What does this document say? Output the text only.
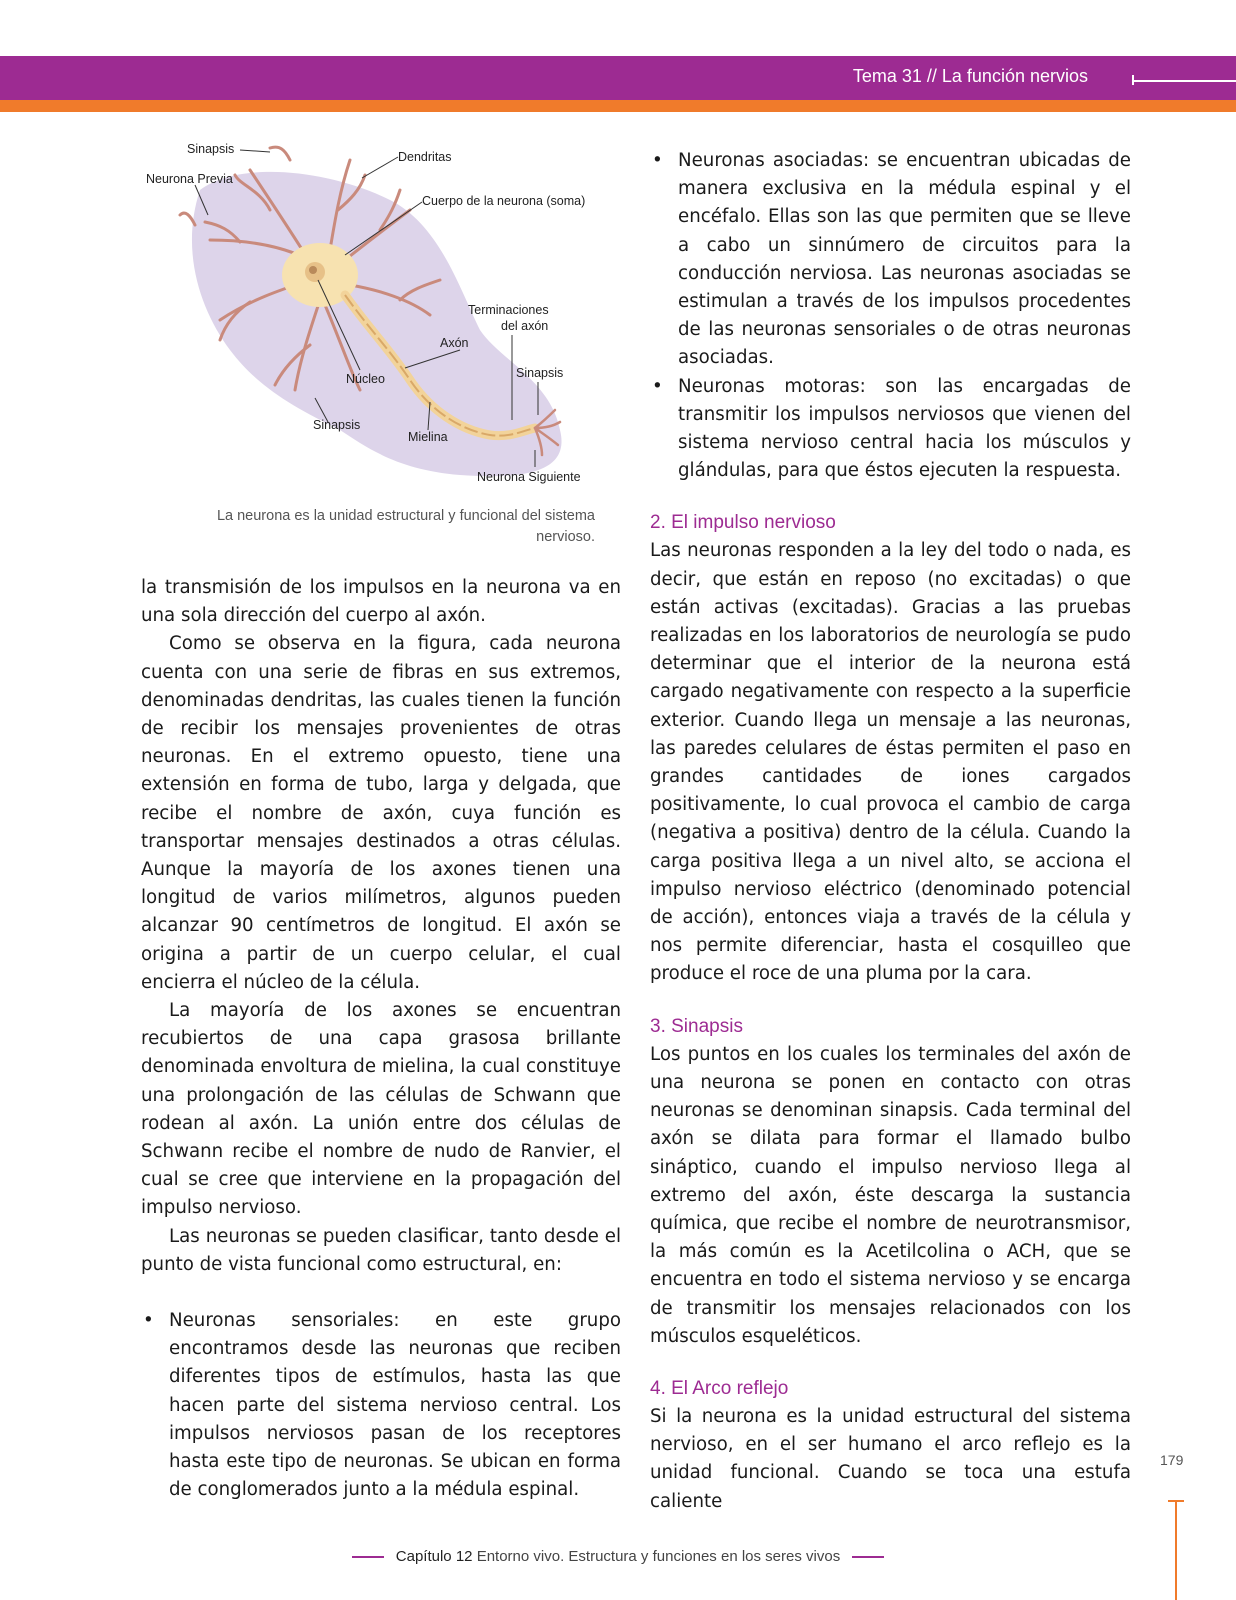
Tema 31 // La función nervios
Sinapsis
Neurona Previa
Dendritas
Cuerpo de la neurona (soma)
Terminaciones
del axón
Axón
Sinapsis
Núcleo
Sinapsis
Mielina
Neurona Siguiente
La neurona es la unidad estructural y funcional del sistema
nervioso.

la transmisión de los impulsos en la neurona va en una sola dirección del cuerpo al axón.

Como se observa en la figura, cada neurona cuenta con una serie de fibras en sus extremos, denominadas dendritas, las cuales tienen la función de recibir los mensajes provenientes de otras neuronas. En el extremo opuesto, tiene una extensión en forma de tubo, larga y delgada, que recibe el nombre de axón, cuya función es transportar mensajes destinados a otras células. Aunque la mayoría de los axones tienen una longitud de varios milímetros, algunos pueden alcanzar 90 centímetros de longitud. El axón se origina a partir de un cuerpo celular, el cual encierra el núcleo de la célula.

La mayoría de los axones se encuentran recubiertos de una capa grasosa brillante denominada envoltura de mielina, la cual constituye una prolongación de las células de Schwann que rodean al axón. La unión entre dos células de Schwann recibe el nombre de nudo de Ranvier, el cual se cree que interviene en la propagación del impulso nervioso.

Las neuronas se pueden clasificar, tanto desde el punto de vista funcional como estructural, en:

• Neuronas sensoriales: en este grupo encontramos desde las neuronas que reciben diferentes tipos de estímulos, hasta las que hacen parte del sistema nervioso central. Los impulsos nerviosos pasan de los receptores hasta este tipo de neuronas. Se ubican en forma de conglomerados junto a la médula espinal.
• Neuronas asociadas: se encuentran ubicadas de manera exclusiva en la médula espinal y el encéfalo. Ellas son las que permiten que se lleve a cabo un sinnúmero de circuitos para la conducción nerviosa. Las neuronas asociadas se estimulan a través de los impulsos procedentes de las neuronas sensoriales o de otras neuronas asociadas.
• Neuronas motoras: son las encargadas de transmitir los impulsos nerviosos que vienen del sistema nervioso central hacia los músculos y glándulas, para que éstos ejecuten la respuesta.

2. El impulso nervioso

Las neuronas responden a la ley del todo o nada, es decir, que están en reposo (no excitadas) o que están activas (excitadas). Gracias a las pruebas realizadas en los laboratorios de neurología se pudo determinar que el interior de la neurona está cargado negativamente con respecto a la superficie exterior. Cuando llega un mensaje a las neuronas, las paredes celulares de éstas permiten el paso en grandes cantidades de iones cargados positivamente, lo cual provoca el cambio de carga (negativa a positiva) dentro de la célula. Cuando la carga positiva llega a un nivel alto, se acciona el impulso nervioso eléctrico (denominado potencial de acción), entonces viaja a través de la célula y nos permite diferenciar, hasta el cosquilleo que produce el roce de una pluma por la cara.

3. Sinapsis

Los puntos en los cuales los terminales del axón de una neurona se ponen en contacto con otras neuronas se denominan sinapsis. Cada terminal del axón se dilata para formar el llamado bulbo sináptico, cuando el impulso nervioso llega al extremo del axón, éste descarga la sustancia química, que recibe el nombre de neurotransmisor, la más común es la Acetilcolina o ACH, que se encuentra en todo el sistema nervioso y se encarga de transmitir los mensajes relacionados con los músculos esqueléticos.

4. El Arco reflejo

Si la neurona es la unidad estructural del sistema nervioso, en el ser humano el arco reflejo es la unidad funcional. Cuando se toca una estufa caliente

179
Capítulo 12 Entorno vivo. Estructura y funciones en los seres vivos
